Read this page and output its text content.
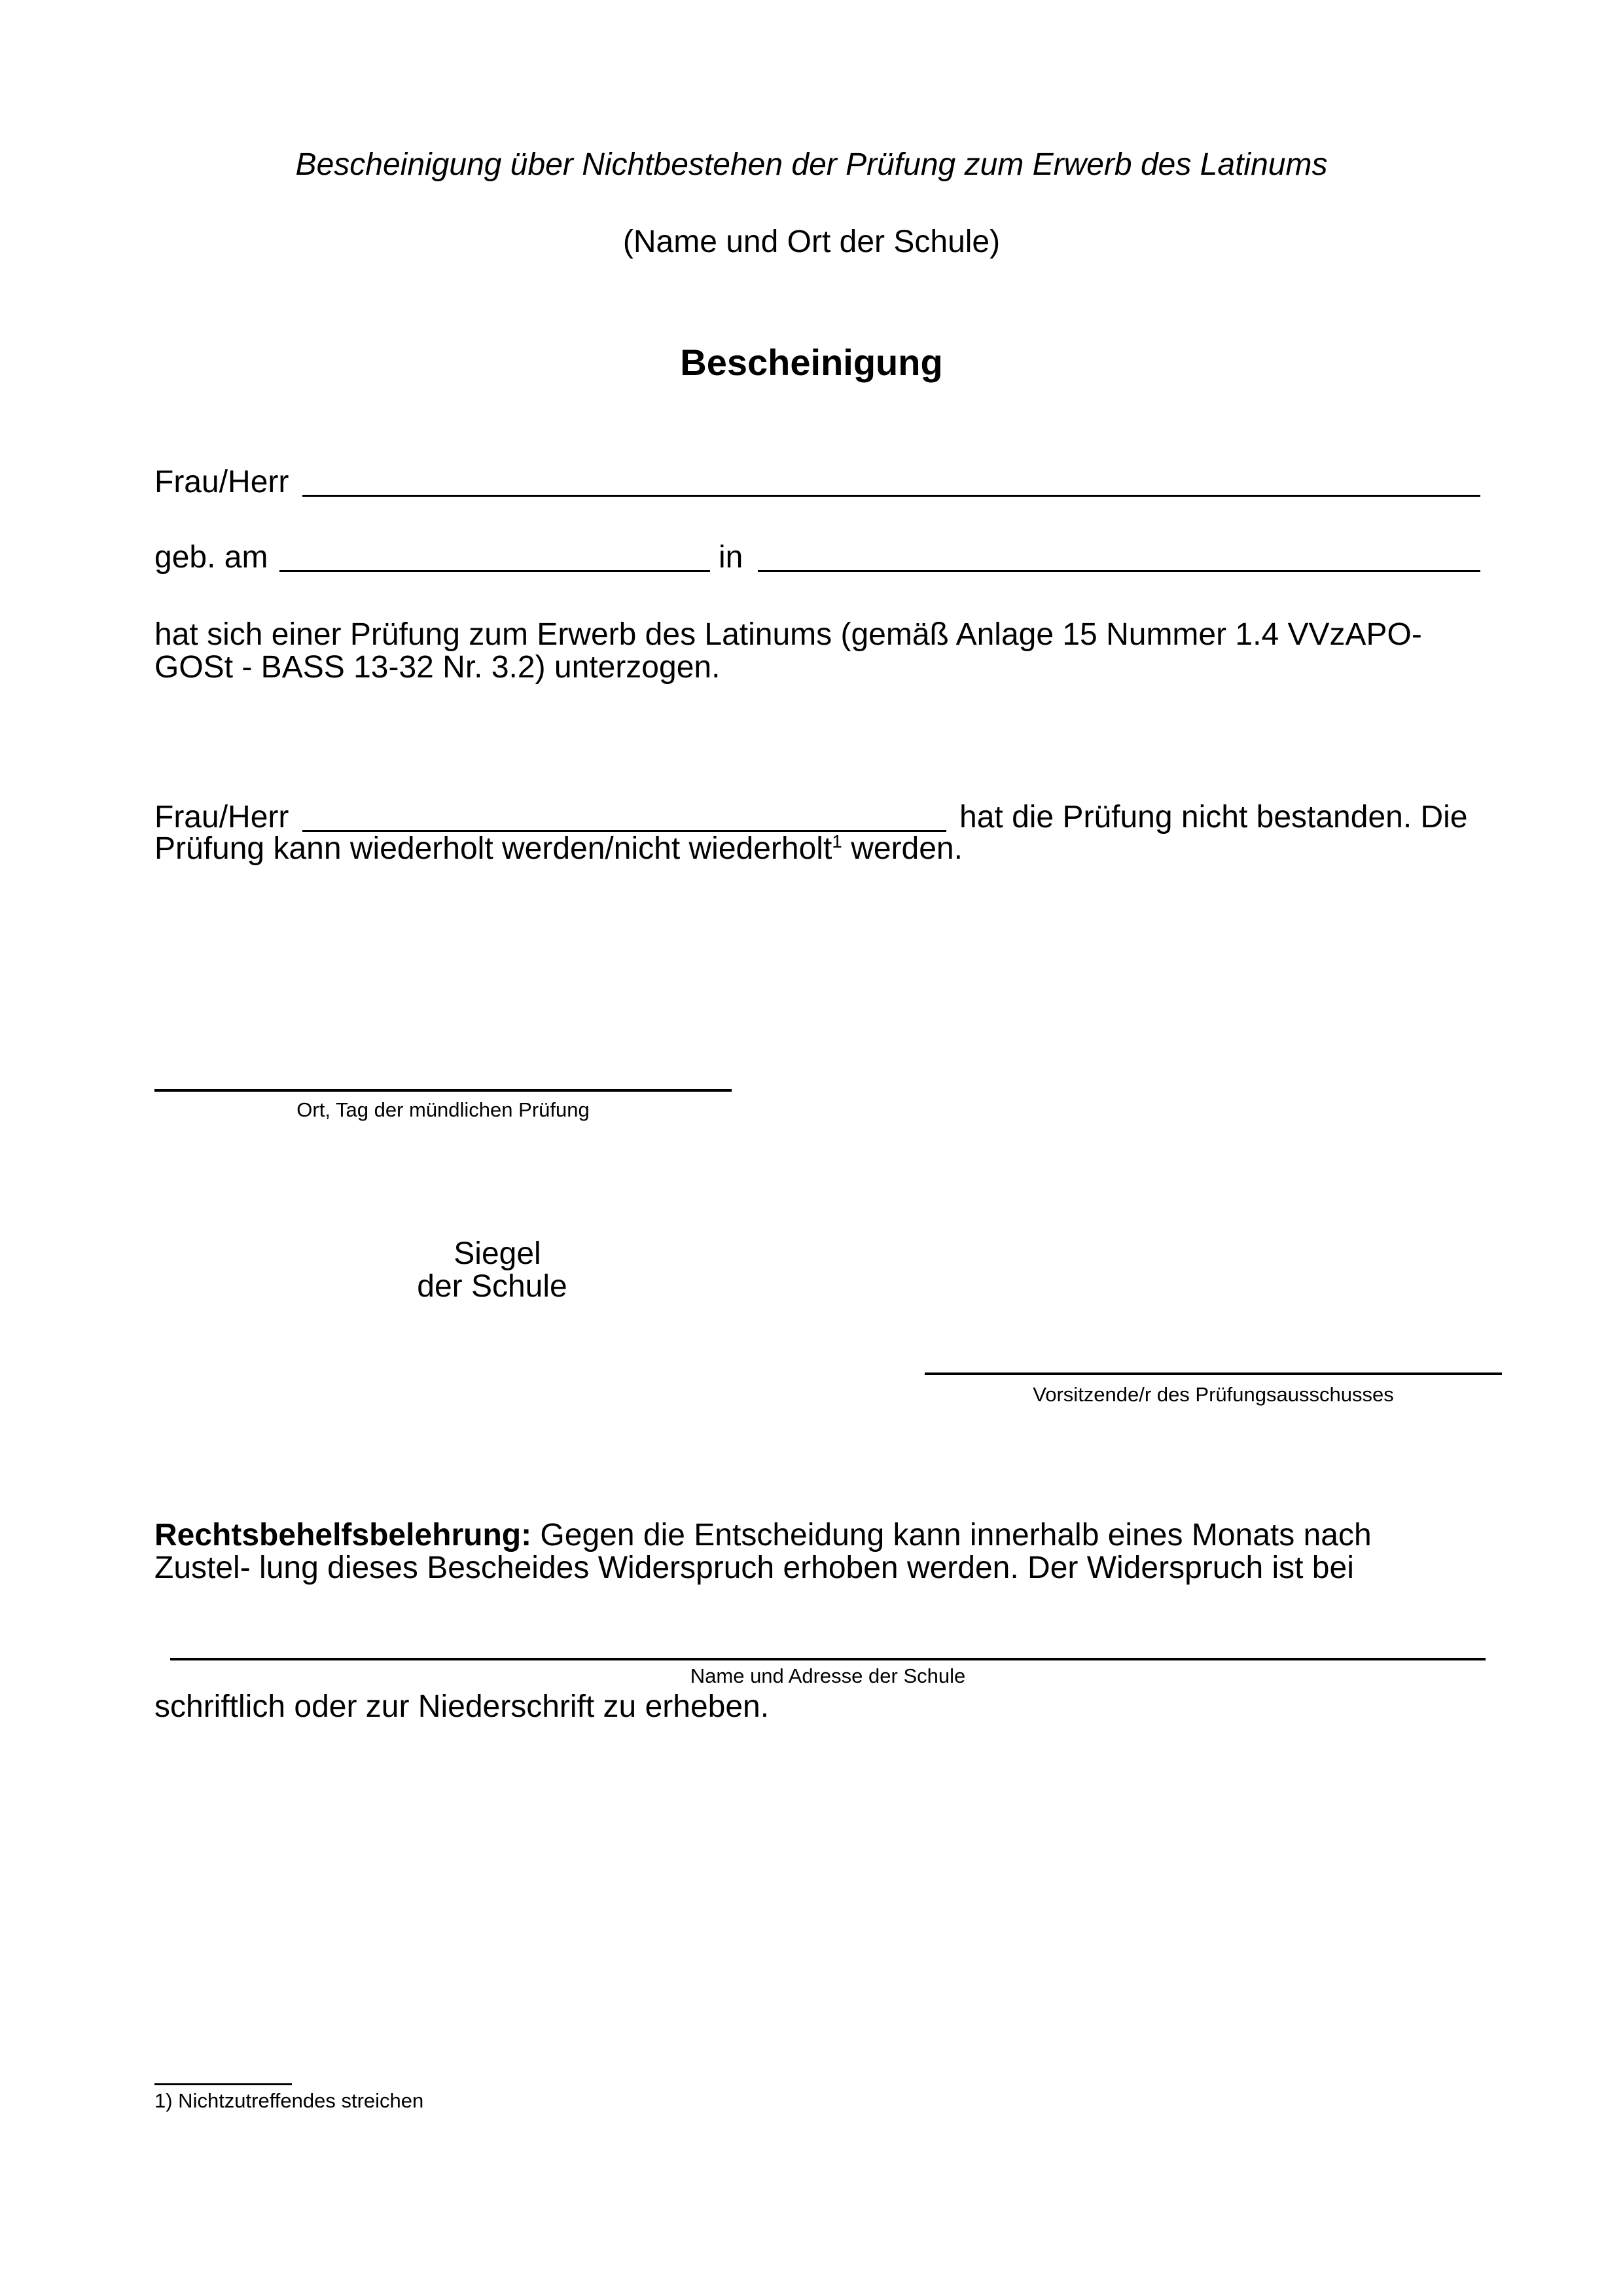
Bescheinigung über Nichtbestehen der Prüfung zum Erwerb des Latinums
(Name und Ort der Schule)
Bescheinigung
Frau/Herr
geb. am	in
hat sich einer Prüfung zum Erwerb des Latinums (gemäß Anlage 15 Nummer 1.4 VVzAPO-
GOSt - BASS 13-32 Nr. 3.2) unterzogen.
Frau/Herr	hat die Prüfung nicht bestanden. Die
Prüfung kann wiederholt werden/nicht wiederholt$^1$ werden.
Ort, Tag der mündlichen Prüfung
Siegel
der Schule
Vorsitzende/r des Prüfungsausschusses
Rechtsbehelfsbelehrung: Gegen die Entscheidung kann innerhalb eines Monats nach
Zustel- lung dieses Bescheides Widerspruch erhoben werden. Der Widerspruch ist bei
Name und Adresse der Schule
schriftlich oder zur Niederschrift zu erheben.
1) Nichtzutreffendes streichen
